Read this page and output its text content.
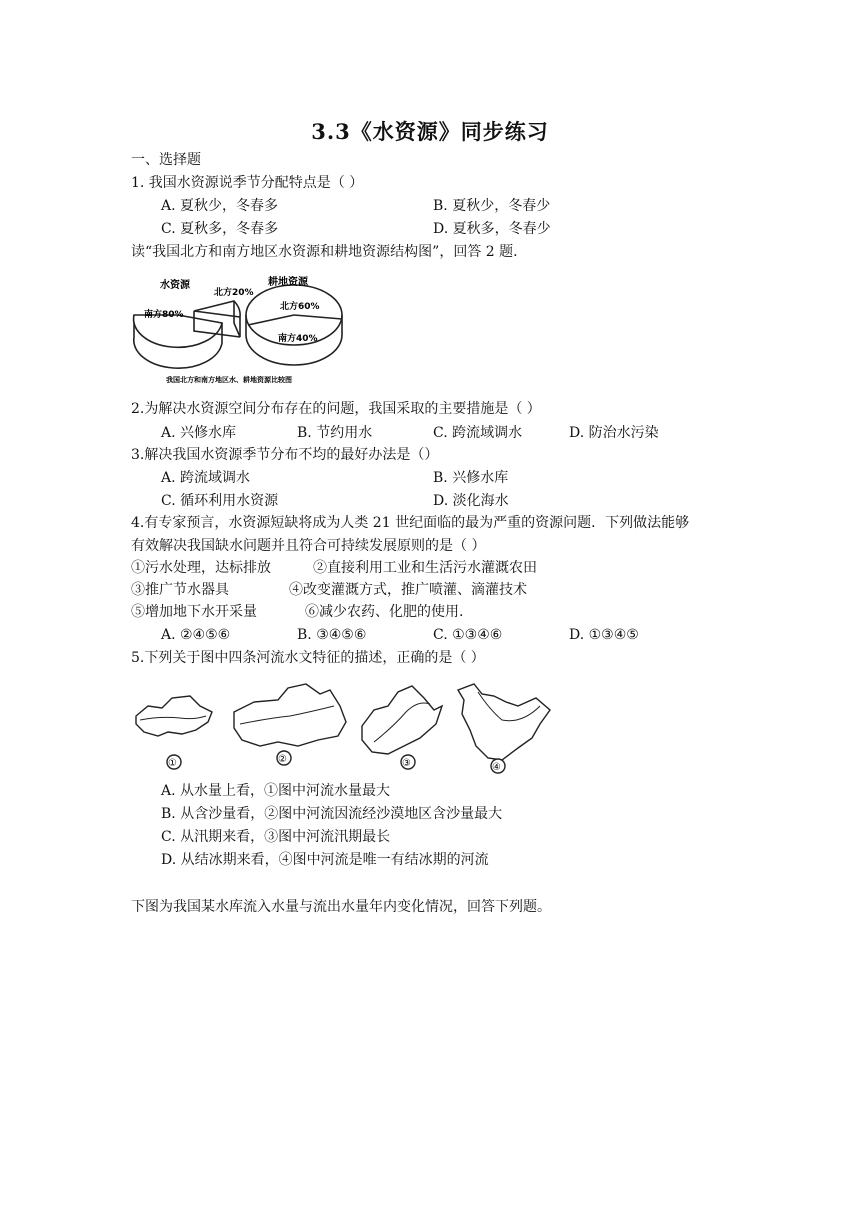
3.3《水资源》同步练习
一、选择题
1. 我国水资源说季节分配特点是（ ）
A. 夏秋少，冬春多	B. 夏秋少，冬春少
C. 夏秋多，冬春多	D. 夏秋多，冬春少
读“我国北方和南方地区水资源和耕地资源结构图”，回答 2 题.
水资源
南方80%
北方20%
耕地资源
北方60%
南方40%
我国北方和南方地区水、耕地资源比较图
2.为解决水资源空间分布存在的问题，我国采取的主要措施是（ ）
A. 兴修水库	B. 节约用水	C. 跨流域调水	D. 防治水污染
3.解决我国水资源季节分布不均的最好办法是（）
A. 跨流域调水	B. 兴修水库
C. 循环利用水资源	D. 淡化海水
4.有专家预言，水资源短缺将成为人类 21 世纪面临的最为严重的资源问题．下列做法能够
有效解决我国缺水问题并且符合可持续发展原则的是（ ）
①污水处理，达标排放	②直接利用工业和生活污水灌溉农田
③推广节水器具	④改变灌溉方式，推广喷灌、滴灌技术
⑤增加地下水开采量	⑥减少农药、化肥的使用.
A. ②④⑤⑥	B. ③④⑤⑥	C. ①③④⑥	D. ①③④⑤
5.下列关于图中四条河流水文特征的描述，正确的是（ ）
①	②	③	④
A. 从水量上看，①图中河流水量最大
B. 从含沙量看，②图中河流因流经沙漠地区含沙量最大
C. 从汛期来看，③图中河流汛期最长
D. 从结冰期来看，④图中河流是唯一有结冰期的河流
下图为我国某水库流入水量与流出水量年内变化情况，回答下列题。
